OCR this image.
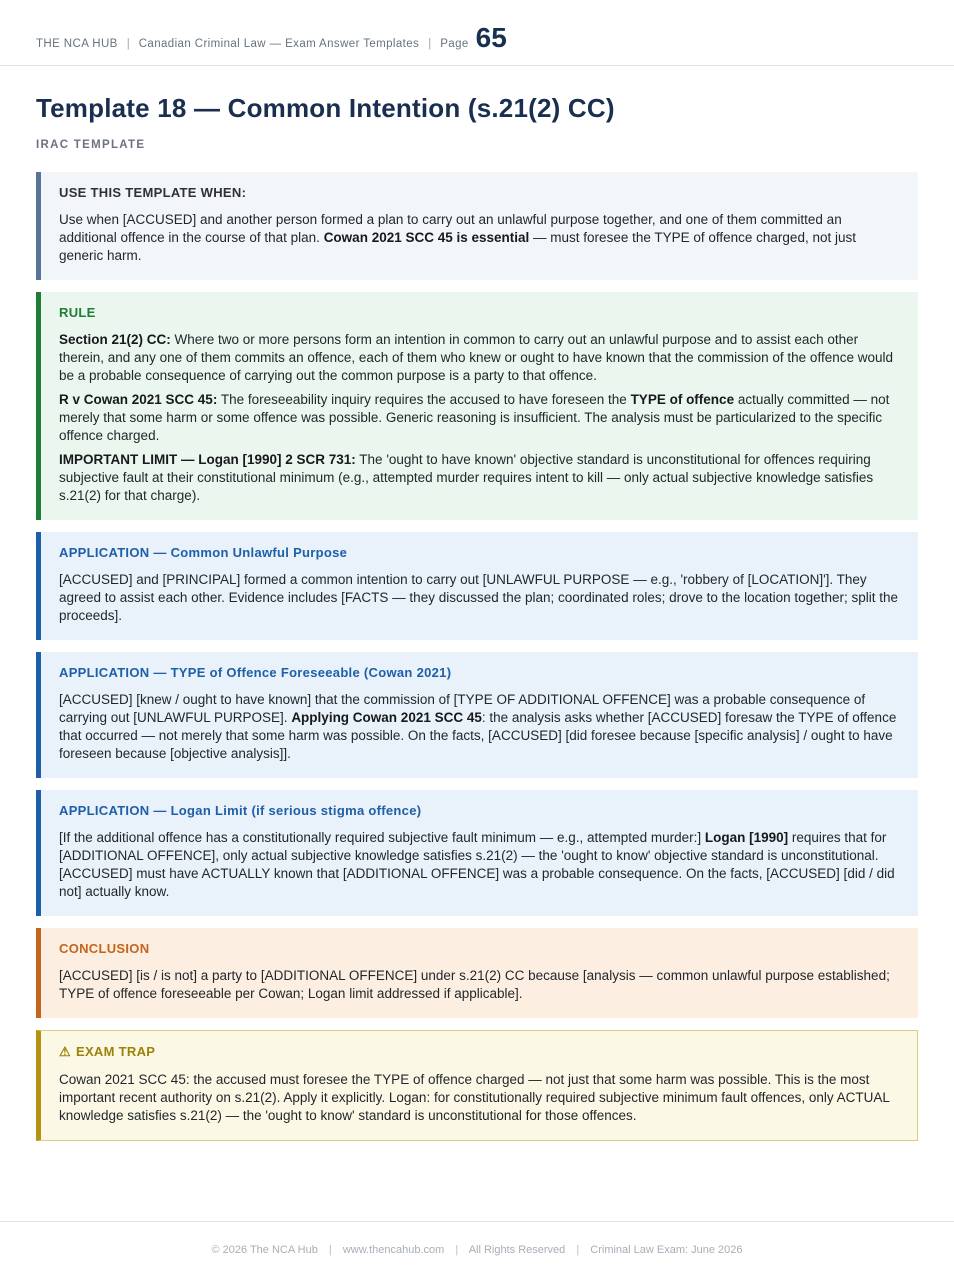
THE NCA HUB | Canadian Criminal Law — Exam Answer Templates | Page 65
Template 18 — Common Intention (s.21(2) CC)
IRAC TEMPLATE
USE THIS TEMPLATE WHEN:

Use when [ACCUSED] and another person formed a plan to carry out an unlawful purpose together, and one of them committed an additional offence in the course of that plan. Cowan 2021 SCC 45 is essential — must foresee the TYPE of offence charged, not just generic harm.

RULE

Section 21(2) CC: Where two or more persons form an intention in common to carry out an unlawful purpose and to assist each other therein, and any one of them commits an offence, each of them who knew or ought to have known that the commission of the offence would be a probable consequence of carrying out the common purpose is a party to that offence.

R v Cowan 2021 SCC 45: The foreseeability inquiry requires the accused to have foreseen the TYPE of offence actually committed — not merely that some harm or some offence was possible. Generic reasoning is insufficient. The analysis must be particularized to the specific offence charged.

IMPORTANT LIMIT — Logan [1990] 2 SCR 731: The 'ought to have known' objective standard is unconstitutional for offences requiring subjective fault at their constitutional minimum (e.g., attempted murder requires intent to kill — only actual subjective knowledge satisfies s.21(2) for that charge).

APPLICATION — Common Unlawful Purpose

[ACCUSED] and [PRINCIPAL] formed a common intention to carry out [UNLAWFUL PURPOSE — e.g., 'robbery of [LOCATION]']. They agreed to assist each other. Evidence includes [FACTS — they discussed the plan; coordinated roles; drove to the location together; split the proceeds].

APPLICATION — TYPE of Offence Foreseeable (Cowan 2021)

[ACCUSED] [knew / ought to have known] that the commission of [TYPE OF ADDITIONAL OFFENCE] was a probable consequence of carrying out [UNLAWFUL PURPOSE]. Applying Cowan 2021 SCC 45: the analysis asks whether [ACCUSED] foresaw the TYPE of offence that occurred — not merely that some harm was possible. On the facts, [ACCUSED] [did foresee because [specific analysis] / ought to have foreseen because [objective analysis]].

APPLICATION — Logan Limit (if serious stigma offence)

[If the additional offence has a constitutionally required subjective fault minimum — e.g., attempted murder:] Logan [1990] requires that for [ADDITIONAL OFFENCE], only actual subjective knowledge satisfies s.21(2) — the 'ought to know' objective standard is unconstitutional. [ACCUSED] must have ACTUALLY known that [ADDITIONAL OFFENCE] was a probable consequence. On the facts, [ACCUSED] [did / did not] actually know.

CONCLUSION

[ACCUSED] [is / is not] a party to [ADDITIONAL OFFENCE] under s.21(2) CC because [analysis — common unlawful purpose established; TYPE of offence foreseeable per Cowan; Logan limit addressed if applicable].

⚠ EXAM TRAP

Cowan 2021 SCC 45: the accused must foresee the TYPE of offence charged — not just that some harm was possible. This is the most important recent authority on s.21(2). Apply it explicitly. Logan: for constitutionally required subjective minimum fault offences, only ACTUAL knowledge satisfies s.21(2) — the 'ought to know' standard is unconstitutional for those offences.

© 2026 The NCA Hub | www.thencahub.com | All Rights Reserved | Criminal Law Exam: June 2026
